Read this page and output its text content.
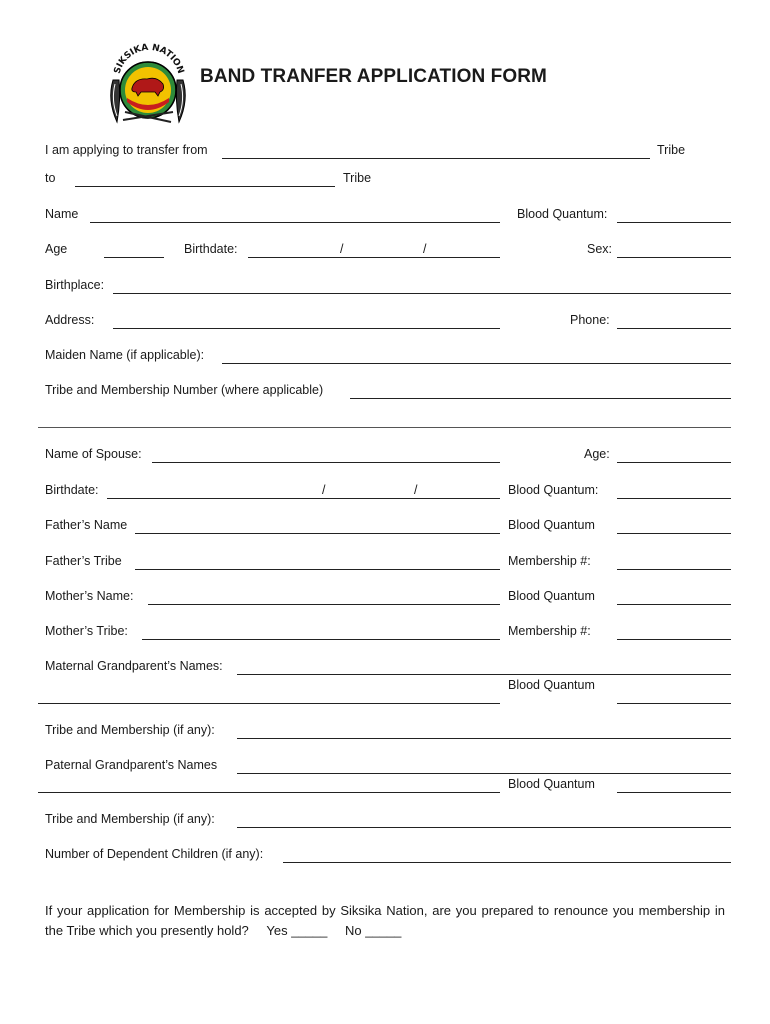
SIKSIKA NATION BAND TRANFER APPLICATION FORM
I am applying to transfer from	Tribe
to	Tribe
Name	Blood Quantum:
Age	Birthdate:	/	/	Sex:
Birthplace:
Address:	Phone:
Maiden Name (if applicable):
Tribe and Membership Number (where applicable)
Name of Spouse:	Age:
Birthdate:	/	/	Blood Quantum:
Father’s Name	Blood Quantum
Father’s Tribe	Membership #:
Mother’s Name:	Blood Quantum
Mother’s Tribe:	Membership #:
Maternal Grandparent’s Names:
Blood Quantum
Tribe and Membership (if any):
Paternal Grandparent’s Names
Blood Quantum
Tribe and Membership (if any):
Number of Dependent Children (if any):
If your application for Membership is accepted by Siksika Nation, are you prepared to renounce you membership in the Tribe which you presently hold? Yes _____ No _____
